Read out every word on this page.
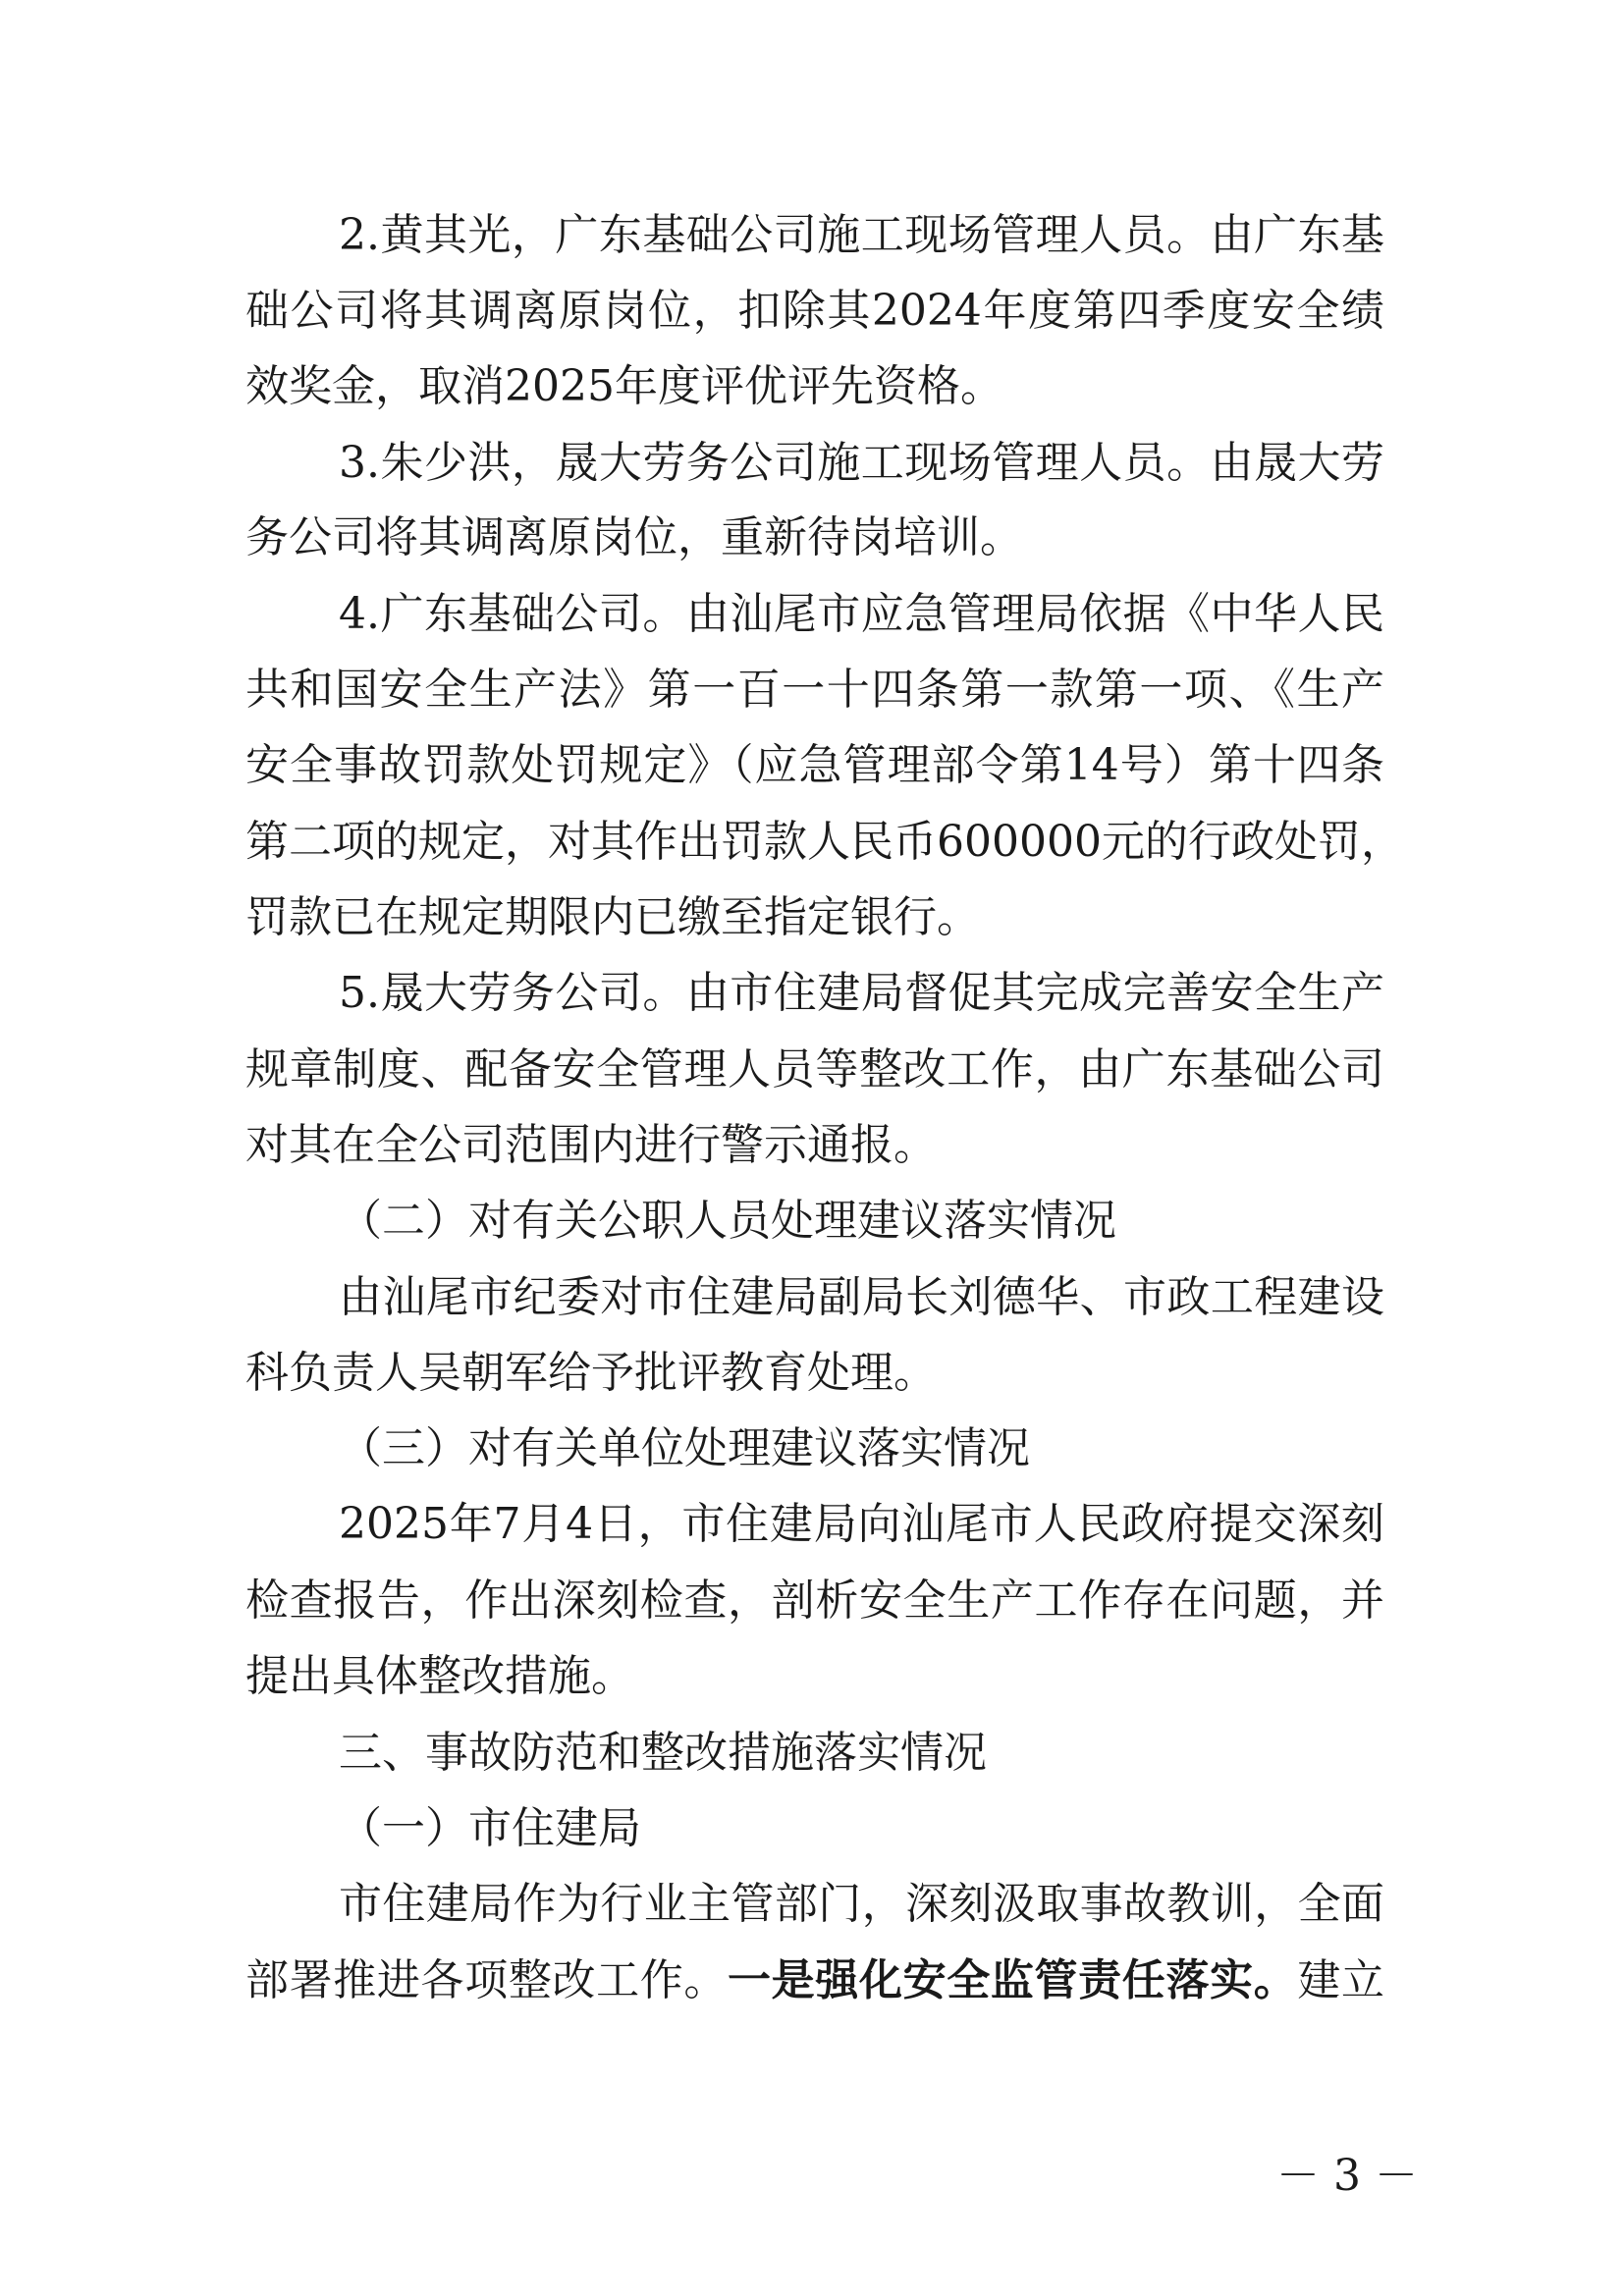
2.黄其光，广东基础公司施工现场管理人员。由广东基
础公司将其调离原岗位，扣除其2024年度第四季度安全绩
效奖金，取消2025年度评优评先资格。
3.朱少洪，晟大劳务公司施工现场管理人员。由晟大劳
务公司将其调离原岗位，重新待岗培训。
4.广东基础公司。由汕尾市应急管理局依据《中华人民
共和国安全生产法》第一百一十四条第一款第一项、《生产
安全事故罚款处罚规定》（应急管理部令第14号）第十四条
第二项的规定，对其作出罚款人民币600000元的行政处罚，
罚款已在规定期限内已缴至指定银行。
5.晟大劳务公司。由市住建局督促其完成完善安全生产
规章制度、配备安全管理人员等整改工作，由广东基础公司
对其在全公司范围内进行警示通报。
（二）对有关公职人员处理建议落实情况
由汕尾市纪委对市住建局副局长刘德华、市政工程建设
科负责人吴朝军给予批评教育处理。
（三）对有关单位处理建议落实情况
2025年7月4日，市住建局向汕尾市人民政府提交深刻
检查报告，作出深刻检查，剖析安全生产工作存在问题，并
提出具体整改措施。
三、事故防范和整改措施落实情况
（一）市住建局
市住建局作为行业主管部门，深刻汲取事故教训，全面
部署推进各项整改工作。一是强化安全监管责任落实。建立
－ 3 －
